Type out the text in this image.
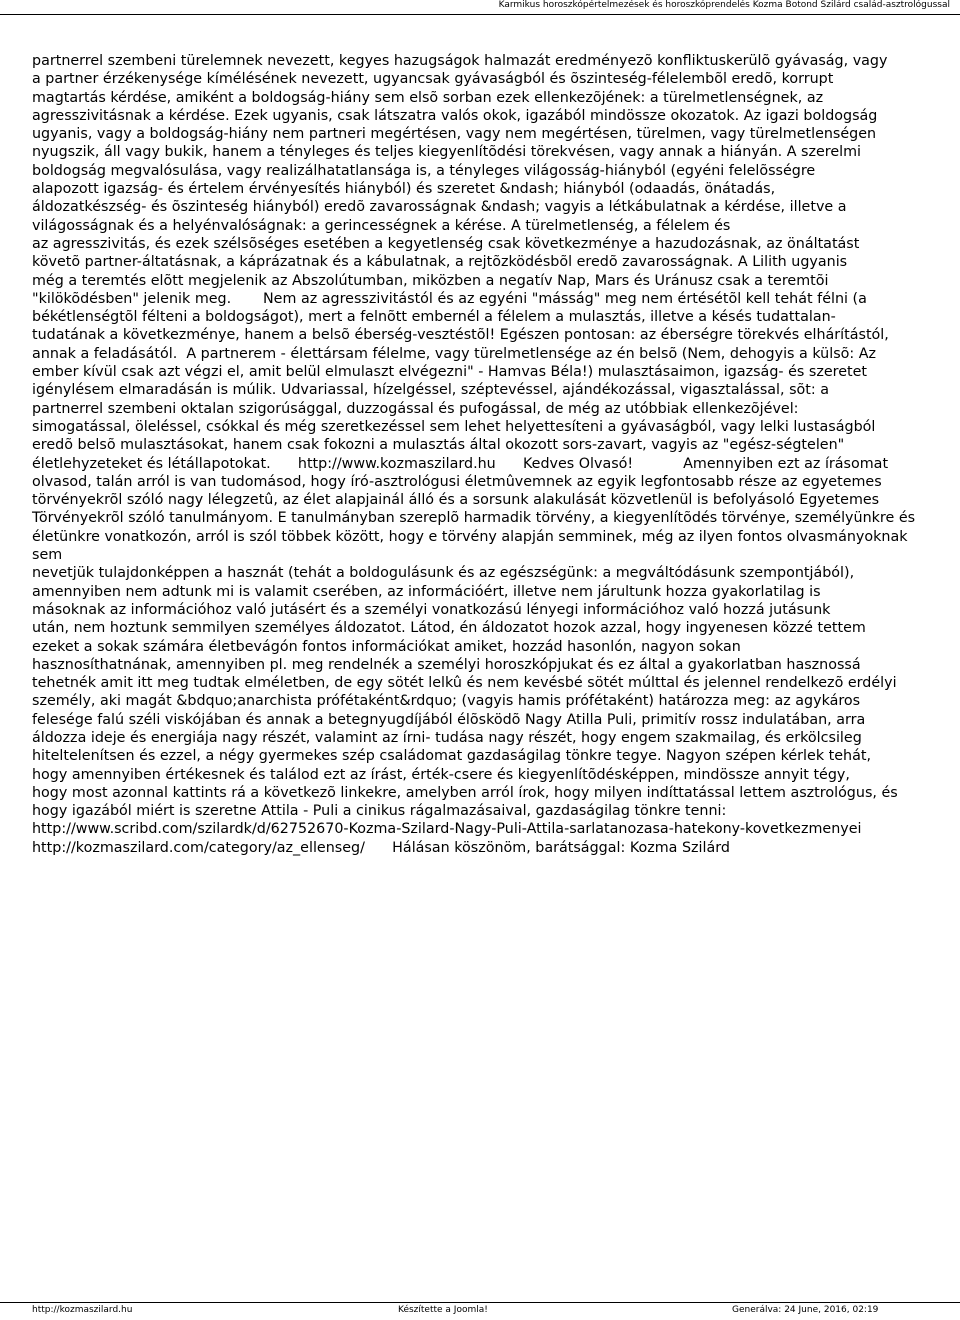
Karmikus horoszkópértelmezések és horoszkóprendelés Kozma Botond Szilárd család-asztrológussal

partnerrel szembeni türelemnek nevezett, kegyes hazugságok halmazát eredményezõ konfliktuskerülõ gyávaság, vagy
a partner érzékenysége kímélésének nevezett, ugyancsak gyávaságból és õszinteség-félelembõl eredõ, korrupt
magtartás kérdése, amiként a boldogság-hiány sem elsõ sorban ezek ellenkezõjének: a türelmetlenségnek, az
agresszivitásnak a kérdése. Ezek ugyanis, csak látszatra valós okok, igazából mindössze okozatok. Az igazi boldogság
ugyanis, vagy a boldogság-hiány nem partneri megértésen, vagy nem megértésen, türelmen, vagy türelmetlenségen
nyugszik, áll vagy bukik, hanem a tényleges és teljes kiegyenlítõdési törekvésen, vagy annak a hiányán. A szerelmi
boldogság megvalósulása, vagy realizálhatatlansága is, a tényleges világosság-hiányból (egyéni felelõsségre
alapozott igazság- és értelem érvényesítés hiányból) és szeretet &ndash; hiányból (odaadás, önátadás,
áldozatkészség- és õszinteség hiányból) eredõ zavarosságnak &ndash; vagyis a létkábulatnak a kérdése, illetve a
világosságnak és a helyénvalóságnak: a gerincességnek a kérése. A türelmetlenség, a félelem és
az agresszivitás, és ezek szélsõséges esetében a kegyetlenség csak következménye a hazudozásnak, az önáltatást
követõ partner-áltatásnak, a káprázatnak és a kábulatnak, a rejtõzködésbõl eredõ zavarosságnak. A Lilith ugyanis
még a teremtés elõtt megjelenik az Abszolútumban, miközben a negatív Nap, Mars és Uránusz csak a teremtõi
"kilökõdésben" jelenik meg.       Nem az agresszivitástól és az egyéni "másság" meg nem értésétõl kell tehát félni (a
békétlenségtõl félteni a boldogságot), mert a felnõtt embernél a félelem a mulasztás, illetve a késés tudattalan-
tudatának a következménye, hanem a belsõ éberség-vesztéstõl! Egészen pontosan: az éberségre törekvés elhárítástól,
annak a feladásától.  A partnerem - élettársam félelme, vagy türelmetlensége az én belsõ (Nem, dehogyis a külsõ: Az
ember kívül csak azt végzi el, amit belül elmulaszt elvégezni" - Hamvas Béla!) mulasztásaimon, igazság- és szeretet
igénylésem elmaradásán is múlik. Udvariassal, hízelgéssel, széptevéssel, ajándékozással, vigasztalással, sõt: a
partnerrel szembeni oktalan szigorúsággal, duzzogással és pufogással, de még az utóbbiak ellenkezõjével:
simogatással, öleléssel, csókkal és még szeretkezéssel sem lehet helyettesíteni a gyávaságból, vagy lelki lustaságból
eredõ belsõ mulasztásokat, hanem csak fokozni a mulasztás által okozott sors-zavart, vagyis az "egész-ségtelen"
életlehyzeteket és létállapotokat.      http://www.kozmaszilard.hu      Kedves Olvasó!           Amennyiben ezt az írásomat
olvasod, talán arról is van tudomásod, hogy író-asztrológusi életmûvemnek az egyik legfontosabb része az egyetemes
törvényekrõl szóló nagy lélegzetû, az élet alapjainál álló és a sorsunk alakulását közvetlenül is befolyásoló Egyetemes
Törvényekrõl szóló tanulmányom. E tanulmányban szereplõ harmadik törvény, a kiegyenlítõdés törvénye, személyünkre és
életünkre vonatkozón, arról is szól többek között, hogy e törvény alapján semminek, még az ilyen fontos olvasmányoknak sem
nevetjük tulajdonképpen a hasznát (tehát a boldogulásunk és az egészségünk: a megváltódásunk szempontjából),
amennyiben nem adtunk mi is valamit cserében, az információért, illetve nem járultunk hozza gyakorlatilag is
másoknak az információhoz való jutásért és a személyi vonatkozású lényegi információhoz való hozzá jutásunk
után, nem hoztunk semmilyen személyes áldozatot. Látod, én áldozatot hozok azzal, hogy ingyenesen közzé tettem
ezeket a sokak számára életbevágón fontos információkat amiket, hozzád hasonlón, nagyon sokan
hasznosíthatnának, amennyiben pl. meg rendelnék a személyi horoszkópjukat és ez által a gyakorlatban hasznossá
tehetnék amit itt meg tudtak elméletben, de egy sötét lelkû és nem kevésbé sötét múlttal és jelennel rendelkezõ erdélyi
személy, aki magát &bdquo;anarchista prófétaként&rdquo; (vagyis hamis prófétaként) határozza meg: az agykáros
felesége falú széli viskójában és annak a betegnyugdíjából élõsködõ Nagy Atilla Puli, primitív rossz indulatában, arra
áldozza ideje és energiája nagy részét, valamint az írni- tudása nagy részét, hogy engem szakmailag, és erkölcsileg
hiteltelenítsen és ezzel, a négy gyermekes szép családomat gazdaságilag tönkre tegye. Nagyon szépen kérlek tehát,
hogy amennyiben értékesnek és találod ezt az írást, érték-csere és kiegyenlítõdésképpen, mindössze annyit tégy,
hogy most azonnal kattints rá a következõ linkekre, amelyben arról írok, hogy milyen indíttatással lettem asztrológus, és
hogy igazából miért is szeretne Attila - Puli a cinikus rágalmazásaival, gazdaságilag tönkre tenni:
http://www.scribd.com/szilardk/d/62752670-Kozma-Szilard-Nagy-Puli-Attila-sarlatanozasa-hatekony-kovetkezmenyei
http://kozmaszilard.com/category/az_ellenseg/      Hálásan köszönöm, barátsággal: Kozma Szilárd

http://kozmaszilard.hu	Készítette a Joomla!	Generálva: 24 June, 2016, 02:19
